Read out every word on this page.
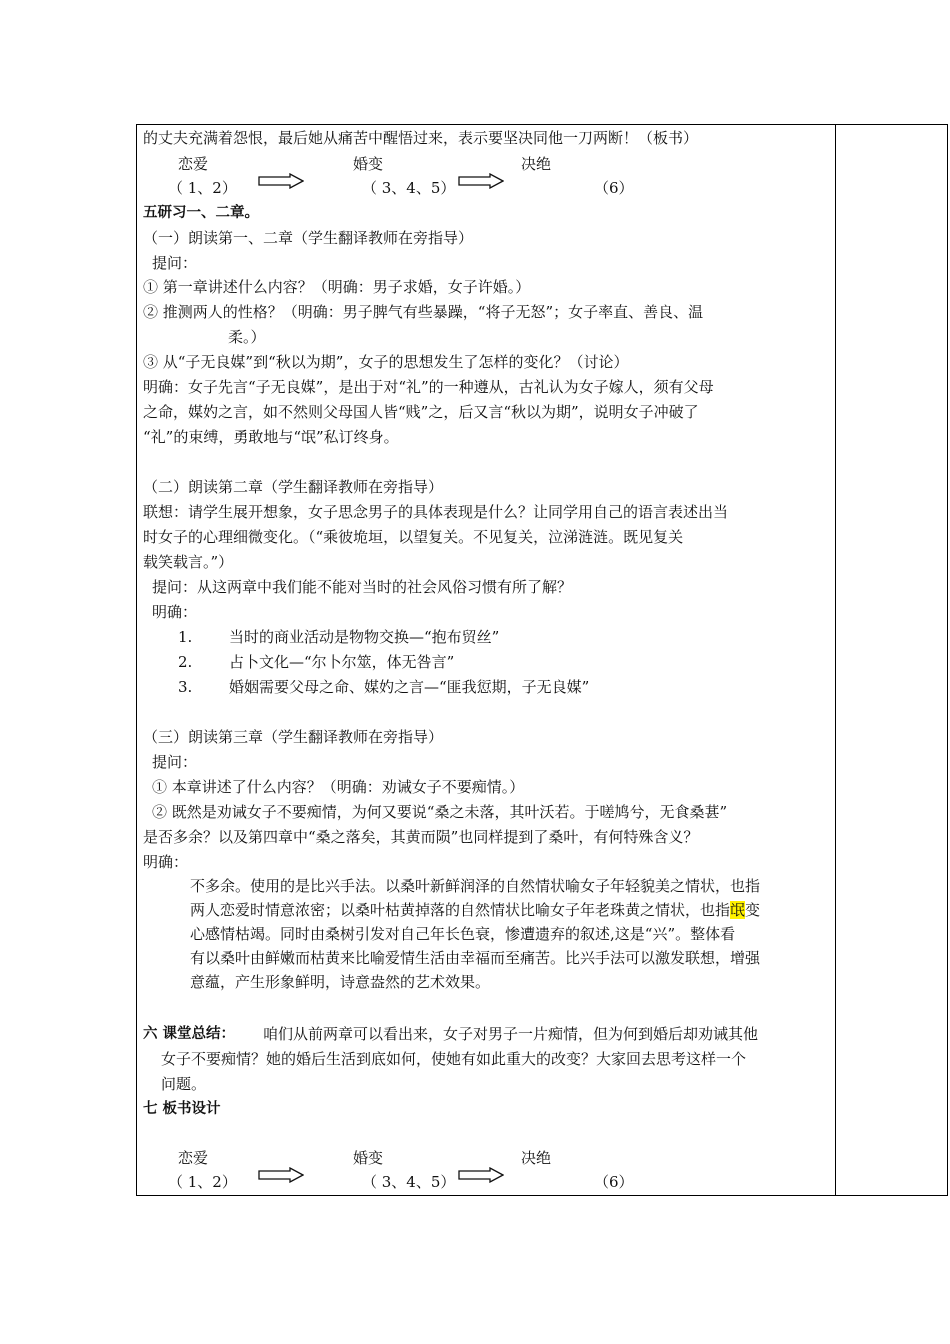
的丈夫充满着怨恨，最后她从痛苦中醒悟过来，表示要坚决同他一刀两断！（板书）
恋爱	婚变	决绝
（ 1、2）	（ 3、4、5）	（6）
五研习一、二章。
（一）朗读第一、二章（学生翻译教师在旁指导）
提问：
① 第一章讲述什么内容？（明确：男子求婚，女子许婚。）
② 推测两人的性格？（明确：男子脾气有些暴躁，“将子无怒”；女子率直、善良、温
柔。）
③ 从“子无良媒”到“秋以为期”，女子的思想发生了怎样的变化？（讨论）
明确：女子先言“子无良媒”，是出于对“礼”的一种遵从，古礼认为女子嫁人，须有父母
之命，媒妁之言，如不然则父母国人皆“贱”之，后又言“秋以为期”，说明女子冲破了
“礼”的束缚，勇敢地与“氓”私订终身。
（二）朗读第二章（学生翻译教师在旁指导）
联想：请学生展开想象，女子思念男子的具体表现是什么？让同学用自己的语言表述出当
时女子的心理细微变化。（“乘彼垝垣，以望复关。不见复关，泣涕涟涟。既见复关
载笑载言。”）
提问：从这两章中我们能不能对当时的社会风俗习惯有所了解？
明确：
1. 当时的商业活动是物物交换—“抱布贸丝”
2. 占卜文化—“尔卜尔筮，体无咎言”
3. 婚姻需要父母之命、媒妁之言—“匪我愆期，子无良媒”
（三）朗读第三章（学生翻译教师在旁指导）
提问：
① 本章讲述了什么内容？（明确：劝诫女子不要痴情。）
② 既然是劝诫女子不要痴情，为何又要说“桑之未落，其叶沃若。于嗟鸠兮，无食桑葚”
是否多余？以及第四章中“桑之落矣，其黄而陨”也同样提到了桑叶，有何特殊含义？
明确：
不多余。使用的是比兴手法。以桑叶新鲜润泽的自然情状喻女子年轻貌美之情状，也指
两人恋爱时情意浓密；以桑叶枯黄掉落的自然情状比喻女子年老珠黄之情状，也指氓变
心感情枯竭。同时由桑树引发对自己年长色衰，惨遭遗弃的叙述,这是“兴”。整体看
有以桑叶由鲜嫩而枯黄来比喻爱情生活由幸福而至痛苦。比兴手法可以激发联想，增强
意蕴，产生形象鲜明，诗意盎然的艺术效果。
六 课堂总结： 咱们从前两章可以看出来，女子对男子一片痴情，但为何到婚后却劝诫其他
女子不要痴情？她的婚后生活到底如何，使她有如此重大的改变？大家回去思考这样一个
问题。
七 板书设计
恋爱	婚变	决绝
（ 1、2）	（ 3、4、5）	（6）
